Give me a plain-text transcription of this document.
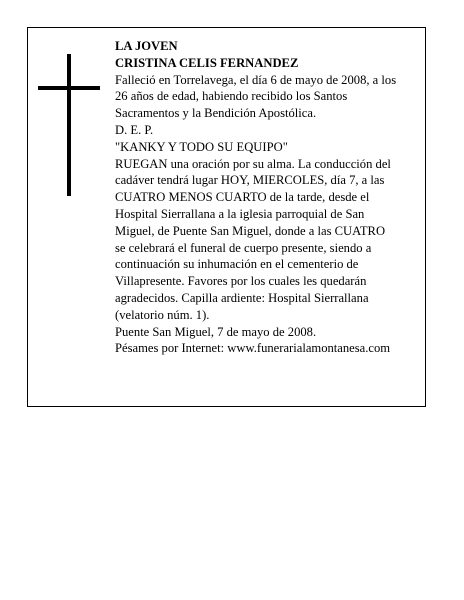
LA JOVEN
CRISTINA CELIS FERNANDEZ
Falleció en Torrelavega, el día 6 de mayo de 2008, a los
26 años de edad, habiendo recibido los Santos
Sacramentos y la Bendición Apostólica.
D. E. P.
"KANKY Y TODO SU EQUIPO"
RUEGAN una oración por su alma. La conducción del
cadáver tendrá lugar HOY, MIERCOLES, día 7, a las
CUATRO MENOS CUARTO de la tarde, desde el
Hospital Sierrallana a la iglesia parroquial de San
Miguel, de Puente San Miguel, donde a las CUATRO
se celebrará el funeral de cuerpo presente, siendo a
continuación su inhumación en el cementerio de
Villapresente. Favores por los cuales les quedarán
agradecidos. Capilla ardiente: Hospital Sierrallana
(velatorio núm. 1).
Puente San Miguel, 7 de mayo de 2008.
Pésames por Internet: www.funerarialamontanesa.com
